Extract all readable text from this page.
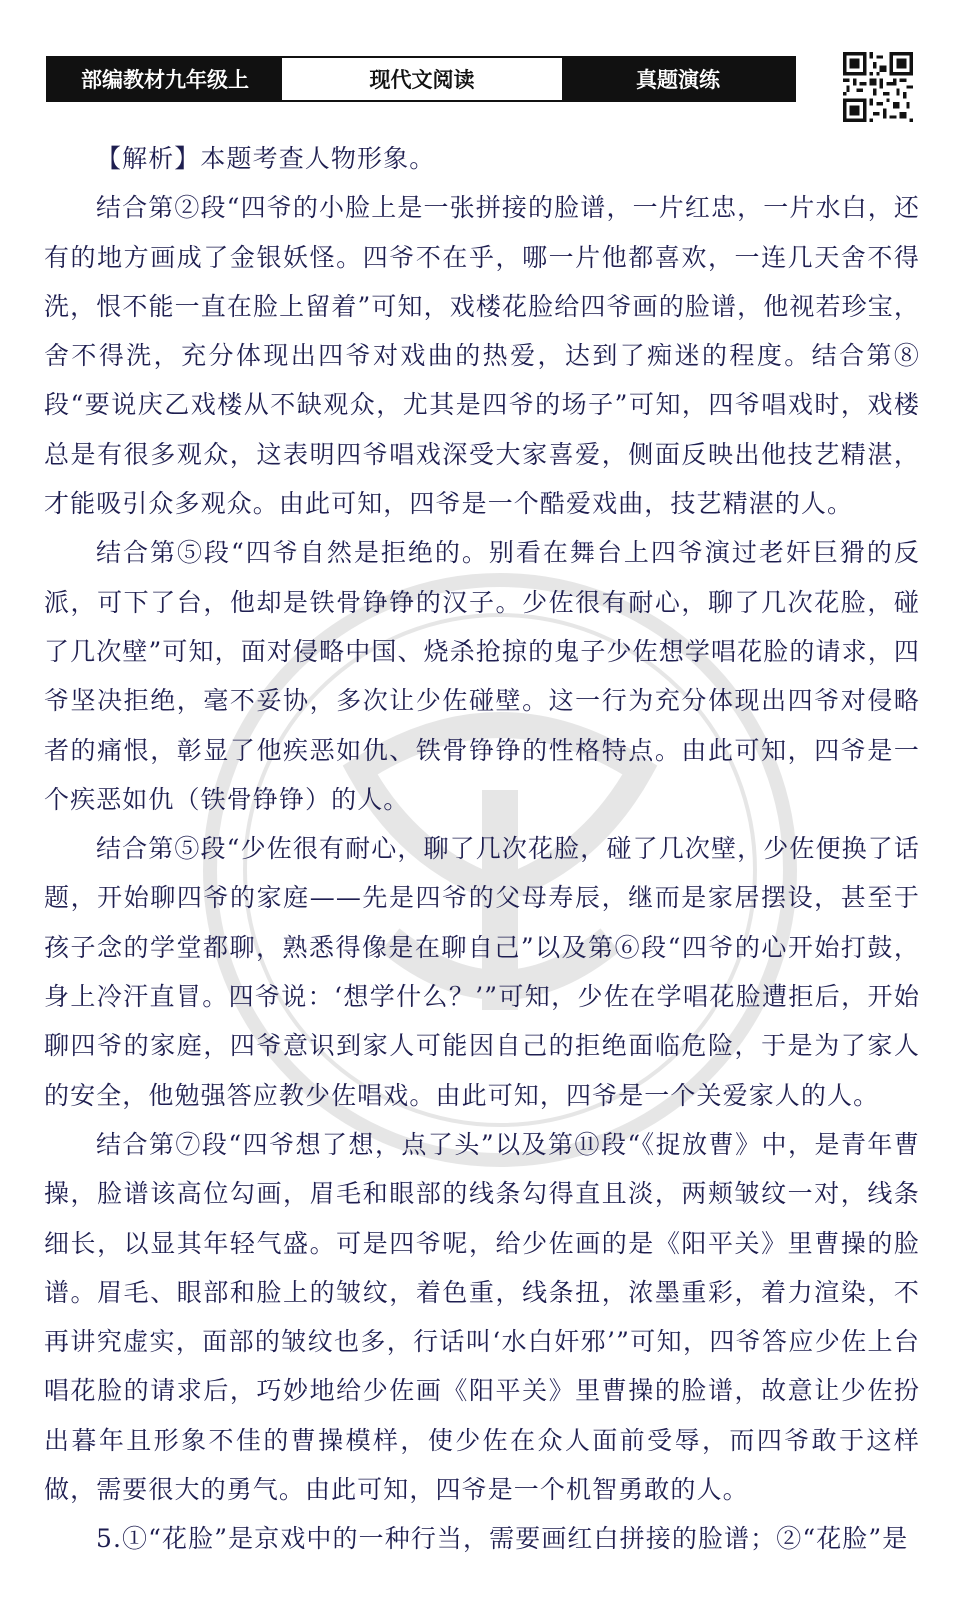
部编教材九年级上	现代文阅读	真题演练

【解析】本题考查人物形象。

结合第②段“四爷的小脸上是一张拼接的脸谱，一片红忠，一片水白，还有的地方画成了金银妖怪。四爷不在乎，哪一片他都喜欢，一连几天舍不得洗，恨不能一直在脸上留着”可知，戏楼花脸给四爷画的脸谱，他视若珍宝，舍不得洗，充分体现出四爷对戏曲的热爱，达到了痴迷的程度。结合第⑧段“要说庆乙戏楼从不缺观众，尤其是四爷的场子”可知，四爷唱戏时，戏楼总是有很多观众，这表明四爷唱戏深受大家喜爱，侧面反映出他技艺精湛，才能吸引众多观众。由此可知，四爷是一个酷爱戏曲，技艺精湛的人。

结合第⑤段“四爷自然是拒绝的。别看在舞台上四爷演过老奸巨猾的反派，可下了台，他却是铁骨铮铮的汉子。少佐很有耐心，聊了几次花脸，碰了几次壁”可知，面对侵略中国、烧杀抢掠的鬼子少佐想学唱花脸的请求，四爷坚决拒绝，毫不妥协，多次让少佐碰壁。这一行为充分体现出四爷对侵略者的痛恨，彰显了他疾恶如仇、铁骨铮铮的性格特点。由此可知，四爷是一个疾恶如仇（铁骨铮铮）的人。

结合第⑤段“少佐很有耐心，聊了几次花脸，碰了几次壁，少佐便换了话题，开始聊四爷的家庭——先是四爷的父母寿辰，继而是家居摆设，甚至于孩子念的学堂都聊，熟悉得像是在聊自己”以及第⑥段“四爷的心开始打鼓，身上冷汗直冒。四爷说：‘想学什么？’”可知，少佐在学唱花脸遭拒后，开始聊四爷的家庭，四爷意识到家人可能因自己的拒绝面临危险，于是为了家人的安全，他勉强答应教少佐唱戏。由此可知，四爷是一个关爱家人的人。

结合第⑦段“四爷想了想，点了头”以及第⑪段“《捉放曹》中，是青年曹操，脸谱该高位勾画，眉毛和眼部的线条勾得直且淡，两颊皱纹一对，线条细长，以显其年轻气盛。可是四爷呢，给少佐画的是《阳平关》里曹操的脸谱。眉毛、眼部和脸上的皱纹，着色重，线条扭，浓墨重彩，着力渲染，不再讲究虚实，面部的皱纹也多，行话叫‘水白奸邪’”可知，四爷答应少佐上台唱花脸的请求后，巧妙地给少佐画《阳平关》里曹操的脸谱，故意让少佐扮出暮年且形象不佳的曹操模样，使少佐在众人面前受辱，而四爷敢于这样做，需要很大的勇气。由此可知，四爷是一个机智勇敢的人。

5.①“花脸”是京戏中的一种行当，需要画红白拼接的脸谱；②“花脸”是
